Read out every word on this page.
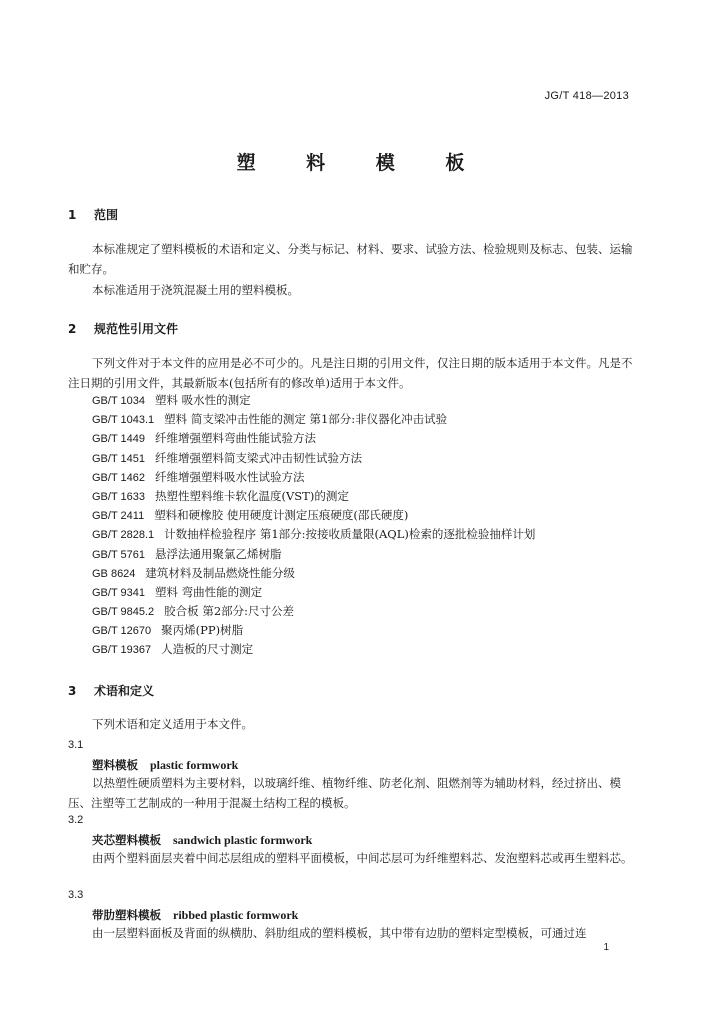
JG/T 418—2013
塑 料 模 板
1 范围

本标准规定了塑料模板的术语和定义、分类与标记、材料、要求、试验方法、检验规则及标志、包装、运输和贮存。

本标准适用于浇筑混凝土用的塑料模板。

2 规范性引用文件

下列文件对于本文件的应用是必不可少的。凡是注日期的引用文件，仅注日期的版本适用于本文件。凡是不注日期的引用文件，其最新版本(包括所有的修改单)适用于本文件。

GB/T 1034 塑料 吸水性的测定
GB/T 1043.1 塑料 简支梁冲击性能的测定 第1部分:非仪器化冲击试验
GB/T 1449 纤维增强塑料弯曲性能试验方法
GB/T 1451 纤维增强塑料简支梁式冲击韧性试验方法
GB/T 1462 纤维增强塑料吸水性试验方法
GB/T 1633 热塑性塑料维卡软化温度(VST)的测定
GB/T 2411 塑料和硬橡胶 使用硬度计测定压痕硬度(邵氏硬度)
GB/T 2828.1 计数抽样检验程序 第1部分:按接收质量限(AQL)检索的逐批检验抽样计划
GB/T 5761 悬浮法通用聚氯乙烯树脂
GB 8624 建筑材料及制品燃烧性能分级
GB/T 9341 塑料 弯曲性能的测定
GB/T 9845.2 胶合板 第2部分:尺寸公差
GB/T 12670 聚丙烯(PP)树脂
GB/T 19367 人造板的尺寸测定
3 术语和定义

下列术语和定义适用于本文件。

3.1
塑料模板 plastic formwork

以热塑性硬质塑料为主要材料，以玻璃纤维、植物纤维、防老化剂、阻燃剂等为辅助材料，经过挤出、模压、注塑等工艺制成的一种用于混凝土结构工程的模板。

3.2
夹芯塑料模板 sandwich plastic formwork

由两个塑料面层夹着中间芯层组成的塑料平面模板，中间芯层可为纤维塑料芯、发泡塑料芯或再生塑料芯。

3.3
带肋塑料模板 ribbed plastic formwork

由一层塑料面板及背面的纵横肋、斜肋组成的塑料模板，其中带有边肋的塑料定型模板，可通过连

1
